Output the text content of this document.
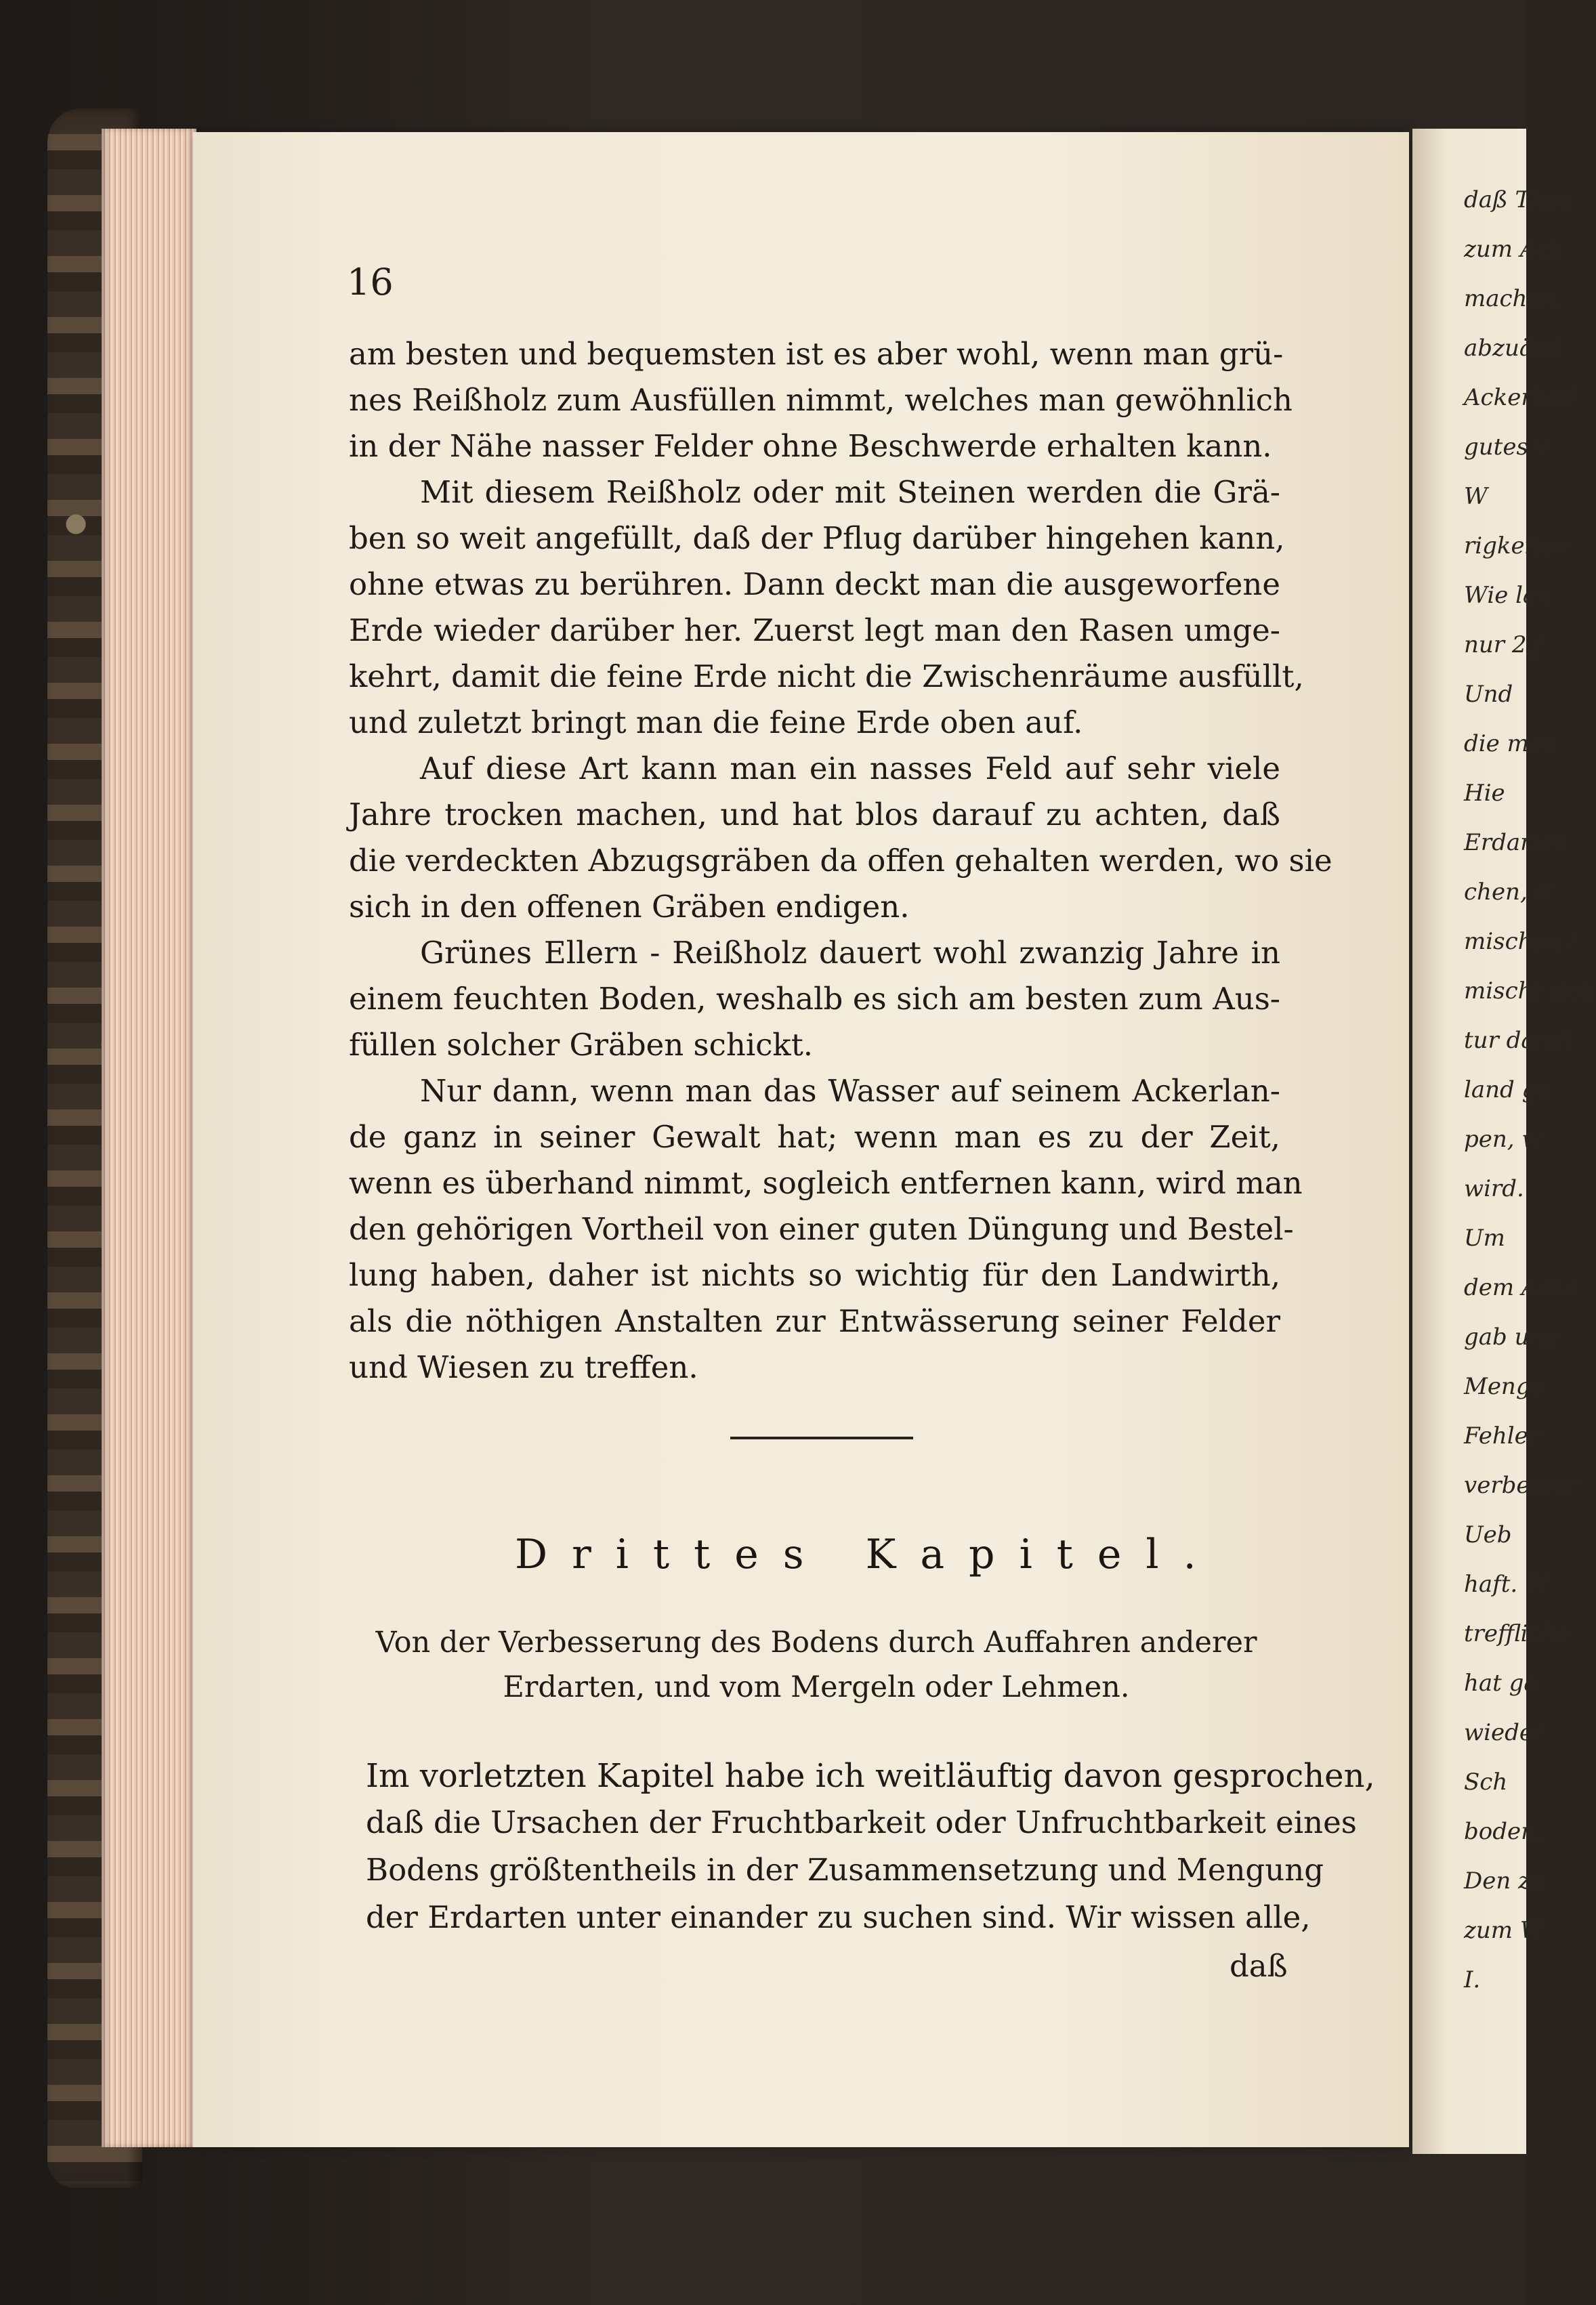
daß Thon
zum Ack
machen,
abzuänd
Ackerbod
gutes v
W
rigkeiten
Wie lan
nur 2 J
Und
die man
Hie
Erdarten
chen, E
mischen l
mischt sich
tur damit
land ge
pen, w
wird.
Um
dem Acke
gab une
Menge
Fehler
verbesser
Ueb
haft. W
treffliche
hat ga
wieder
Sch
boden,
Den zu
zum W
I.
16
am besten und bequemsten ist es aber wohl, wenn man grü-
nes Reißholz zum Ausfüllen nimmt, welches man gewöhnlich
in der Nähe nasser Felder ohne Beschwerde erhalten kann.
Mit diesem Reißholz oder mit Steinen werden die Grä-
ben so weit angefüllt, daß der Pflug darüber hingehen kann,
ohne etwas zu berühren. Dann deckt man die ausgeworfene
Erde wieder darüber her. Zuerst legt man den Rasen umge-
kehrt, damit die feine Erde nicht die Zwischenräume ausfüllt,
und zuletzt bringt man die feine Erde oben auf.
Auf diese Art kann man ein nasses Feld auf sehr viele
Jahre trocken machen, und hat blos darauf zu achten, daß
die verdeckten Abzugsgräben da offen gehalten werden, wo sie
sich in den offenen Gräben endigen.
Grünes Ellern - Reißholz dauert wohl zwanzig Jahre in
einem feuchten Boden, weshalb es sich am besten zum Aus-
füllen solcher Gräben schickt.
Nur dann, wenn man das Wasser auf seinem Ackerlan-
de ganz in seiner Gewalt hat; wenn man es zu der Zeit,
wenn es überhand nimmt, sogleich entfernen kann, wird man
den gehörigen Vortheil von einer guten Düngung und Bestel-
lung haben, daher ist nichts so wichtig für den Landwirth,
als die nöthigen Anstalten zur Entwässerung seiner Felder
und Wiesen zu treffen.
Drittes Kapitel.
Von der Verbesserung des Bodens durch Auffahren anderer
Erdarten, und vom Mergeln oder Lehmen.
Im vorletzten Kapitel habe ich weitläuftig davon gesprochen,
daß die Ursachen der Fruchtbarkeit oder Unfruchtbarkeit eines
Bodens größtentheils in der Zusammensetzung und Mengung
der Erdarten unter einander zu suchen sind. Wir wissen alle,
daß
